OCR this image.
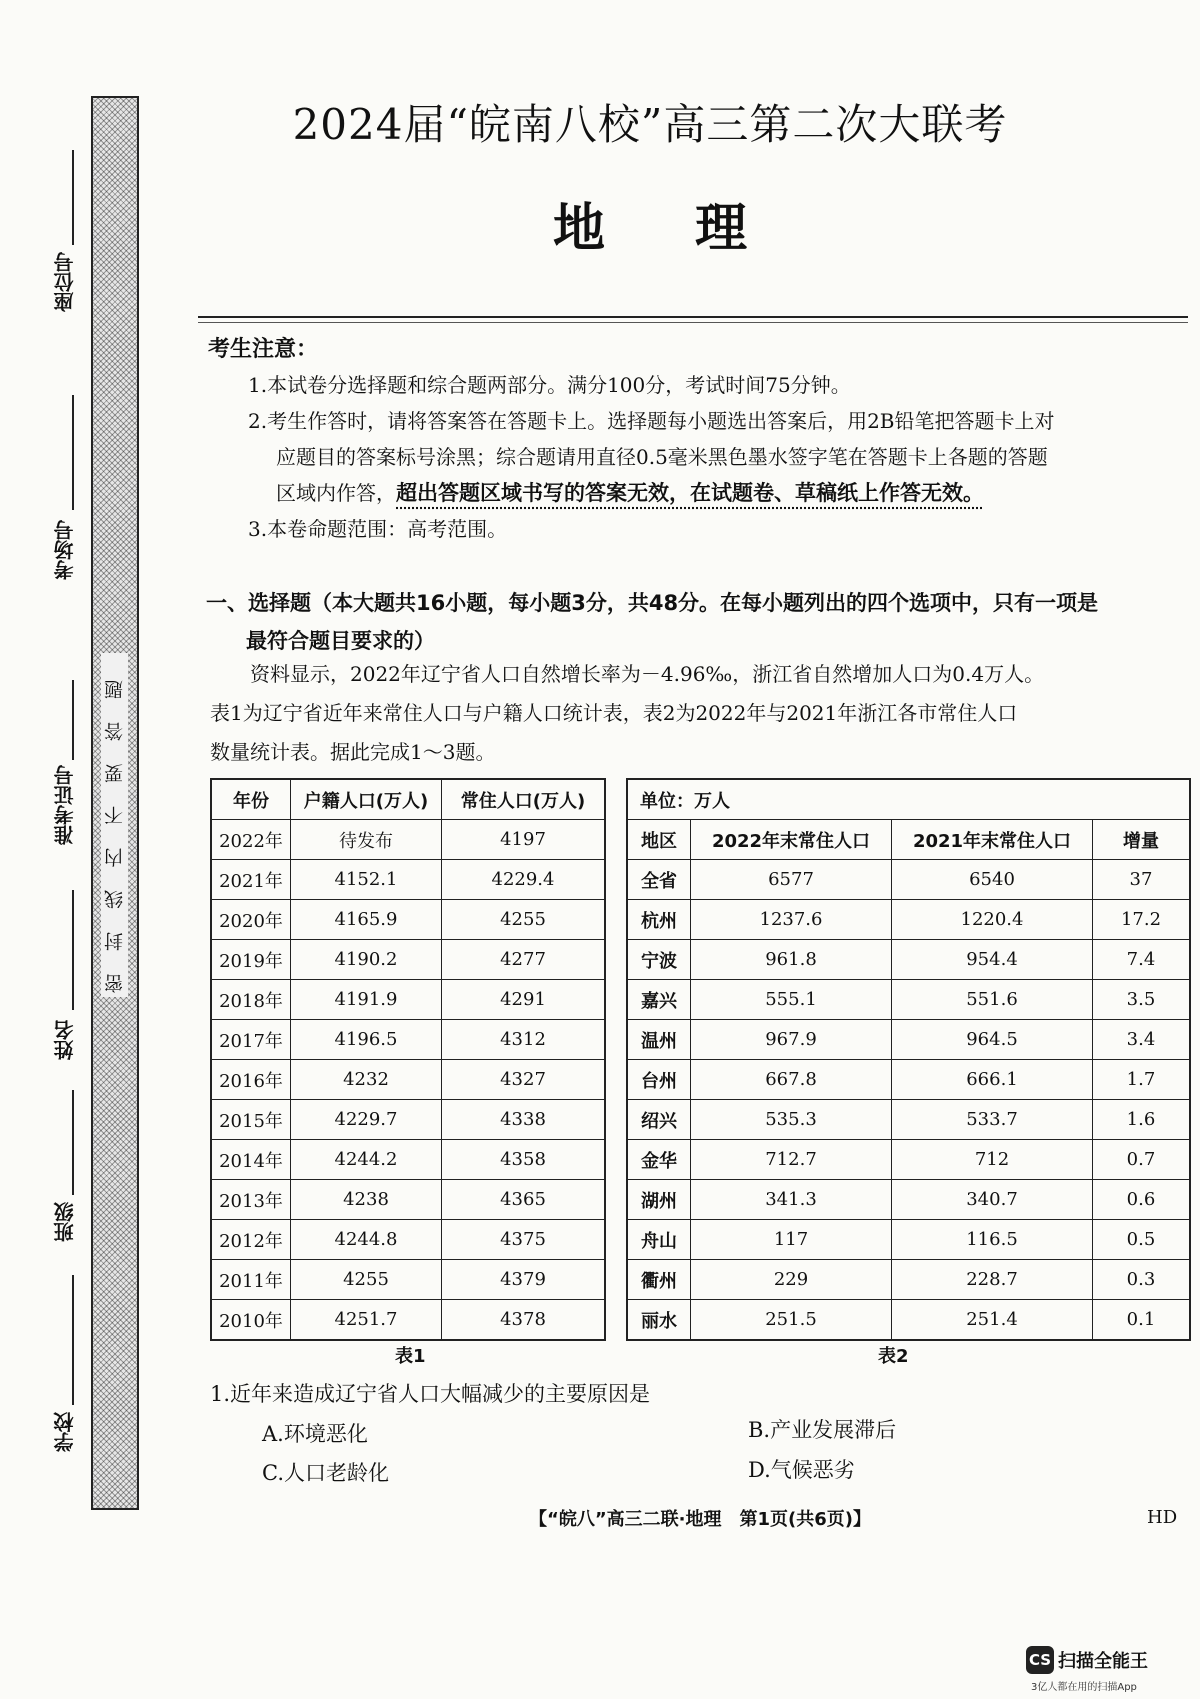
密封线内不要答题
座位号
考场号
准考证号
姓名
班级
学校
2024届“皖南八校”高三第二次大联考
地理
考生注意：

1.本试卷分选择题和综合题两部分。满分100分，考试时间75分钟。

2.考生作答时，请将答案答在答题卡上。选择题每小题选出答案后，用2B铅笔把答题卡上对

应题目的答案标号涂黑；综合题请用直径0.5毫米黑色墨水签字笔在答题卡上各题的答题

区域内作答，超出答题区域书写的答案无效，在试题卷、草稿纸上作答无效。

3.本卷命题范围：高考范围。

一、选择题（本大题共16小题，每小题3分，共48分。在每小题列出的四个选项中，只有一项是
最符合题目要求的）

资料显示，2022年辽宁省人口自然增长率为－4.96‰，浙江省自然增加人口为0.4万人。

表1为辽宁省近年来常住人口与户籍人口统计表，表2为2022年与2021年浙江各市常住人口

数量统计表。据此完成1～3题。

年份	户籍人口(万人)	常住人口(万人)
2022年	待发布	4197
2021年	4152.1	4229.4
2020年	4165.9	4255
2019年	4190.2	4277
2018年	4191.9	4291
2017年	4196.5	4312
2016年	4232	4327
2015年	4229.7	4338
2014年	4244.2	4358
2013年	4238	4365
2012年	4244.8	4375
2011年	4255	4379
2010年	4251.7	4378
表1
单位：万人			
地区	2022年末常住人口	2021年末常住人口	增量
全省	6577	6540	37
杭州	1237.6	1220.4	17.2
宁波	961.8	954.4	7.4
嘉兴	555.1	551.6	3.5
温州	967.9	964.5	3.4
台州	667.8	666.1	1.7
绍兴	535.3	533.7	1.6
金华	712.7	712	0.7
湖州	341.3	340.7	0.6
舟山	117	116.5	0.5
衢州	229	228.7	0.3
丽水	251.5	251.4	0.1
表2
1.近年来造成辽宁省人口大幅减少的主要原因是
A.环境恶化	B.产业发展滞后
C.人口老龄化	D.气候恶劣
【“皖八”高三二联·地理　第1页(共6页)】	HD
CS 扫描全能王
3亿人都在用的扫描App
